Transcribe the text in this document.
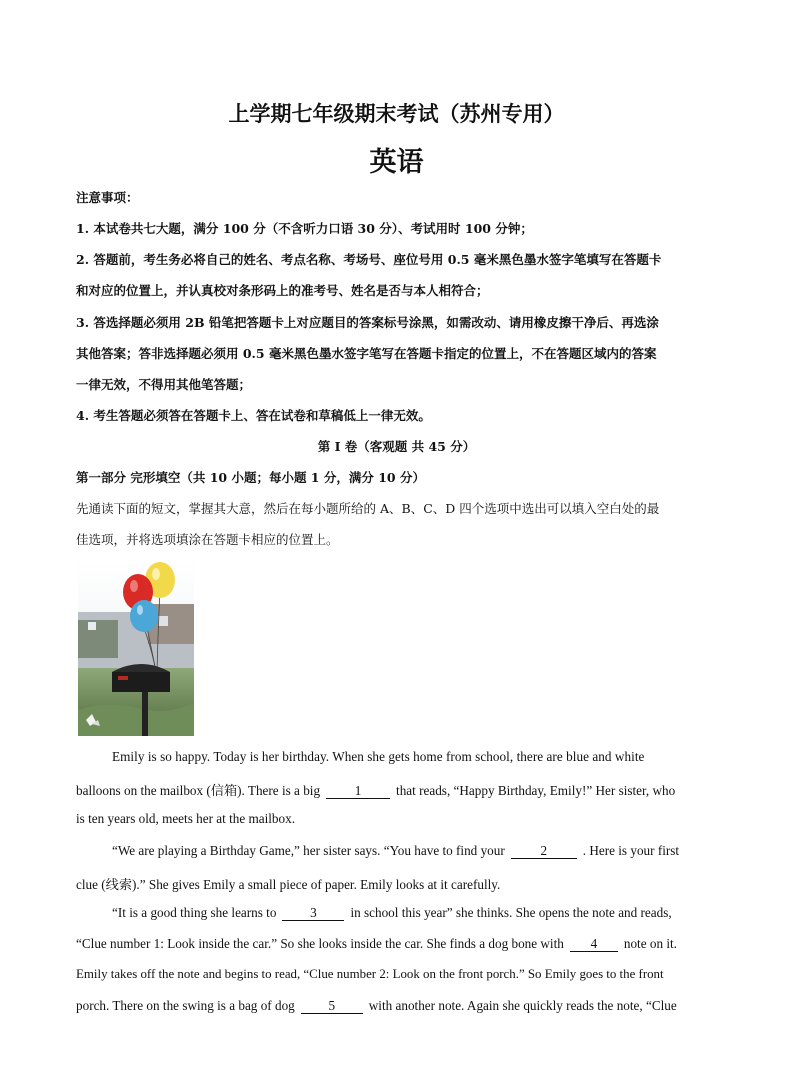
上学期七年级期末考试（苏州专用）
英语
注意事项：
1. 本试卷共七大题，满分 100 分（不含听力口语 30 分）、考试用时 100 分钟；
2. 答题前，考生务必将自己的姓名、考点名称、考场号、座位号用 0.5 毫米黑色墨水签字笔填写在答题卡
和对应的位置上，并认真校对条形码上的准考号、姓名是否与本人相符合；
3. 答选择题必须用 2B 铅笔把答题卡上对应题目的答案标号涂黑，如需改动、请用橡皮擦干净后、再选涂
其他答案；答非选择题必须用 0.5 毫米黑色墨水签字笔写在答题卡指定的位置上，不在答题区域内的答案
一律无效，不得用其他笔答题；
4. 考生答题必须答在答题卡上、答在试卷和草稿低上一律无效。
第 I 卷（客观题 共 45 分）
第一部分 完形填空（共 10 小题；每小题 1 分，满分 10 分）
先通读下面的短文，掌握其大意，然后在每小题所给的 A、B、C、D 四个选项中选出可以填入空白处的最
佳选项，并将选项填涂在答题卡相应的位置上。
Emily is so happy. Today is her birthday. When she gets home from school, there are blue and white
balloons on the mailbox (信箱). There is a big	1	that reads, “Happy Birthday, Emily!” Her sister, who
is ten years old, meets her at the mailbox.
“We are playing a Birthday Game,” her sister says. “You have to find your	2	. Here is your first
clue (线索).” She gives Emily a small piece of paper. Emily looks at it carefully.
“It is a good thing she learns to	3	in school this year” she thinks. She opens the note and reads,
“Clue number 1: Look inside the car.” So she looks inside the car. She finds a dog bone with 4 note on it.
Emily takes off the note and begins to read, “Clue number 2: Look on the front porch.” So Emily goes to the front
porch. There on the swing is a bag of dog	5	with another note. Again she quickly reads the note, “Clue
